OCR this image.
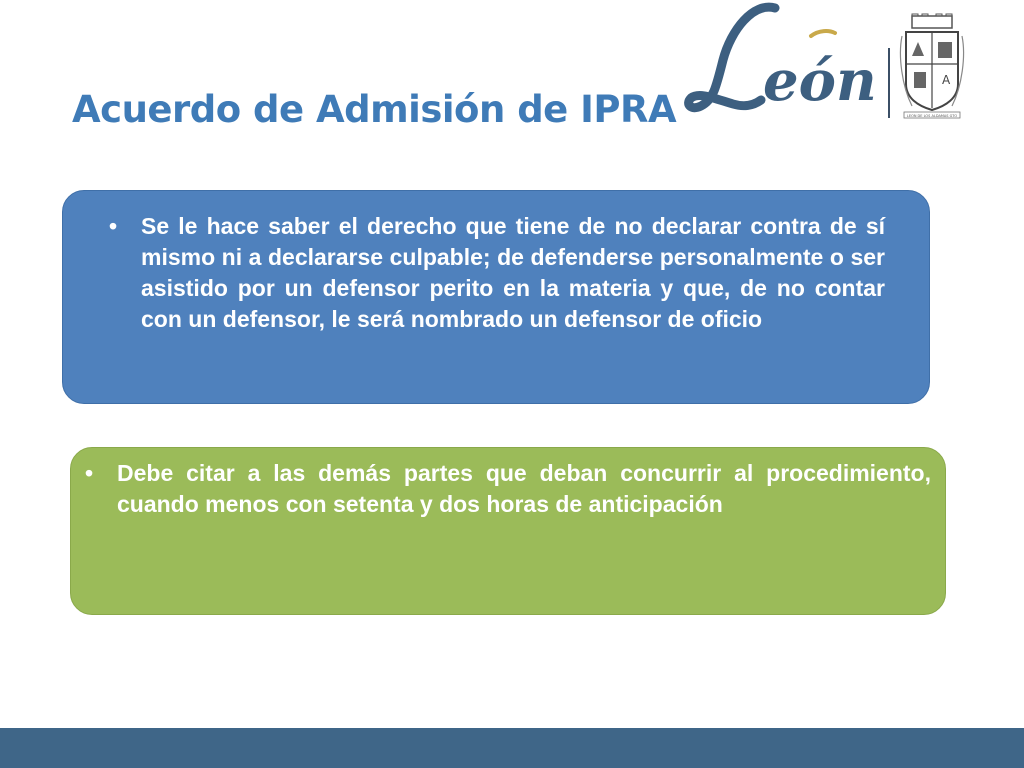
Acuerdo de Admisión de IPRA eón	A
LEON DE LOS ALDAMAS GTO
•	Se le hace saber el derecho que tiene de no declarar contra de sí mismo ni a declararse culpable; de defenderse personalmente o ser asistido por un defensor perito en la materia y que, de no contar con un defensor, le será nombrado un defensor de oficio
•	Debe citar a las demás partes que deban concurrir al procedimiento, cuando menos con setenta y dos horas de anticipación
